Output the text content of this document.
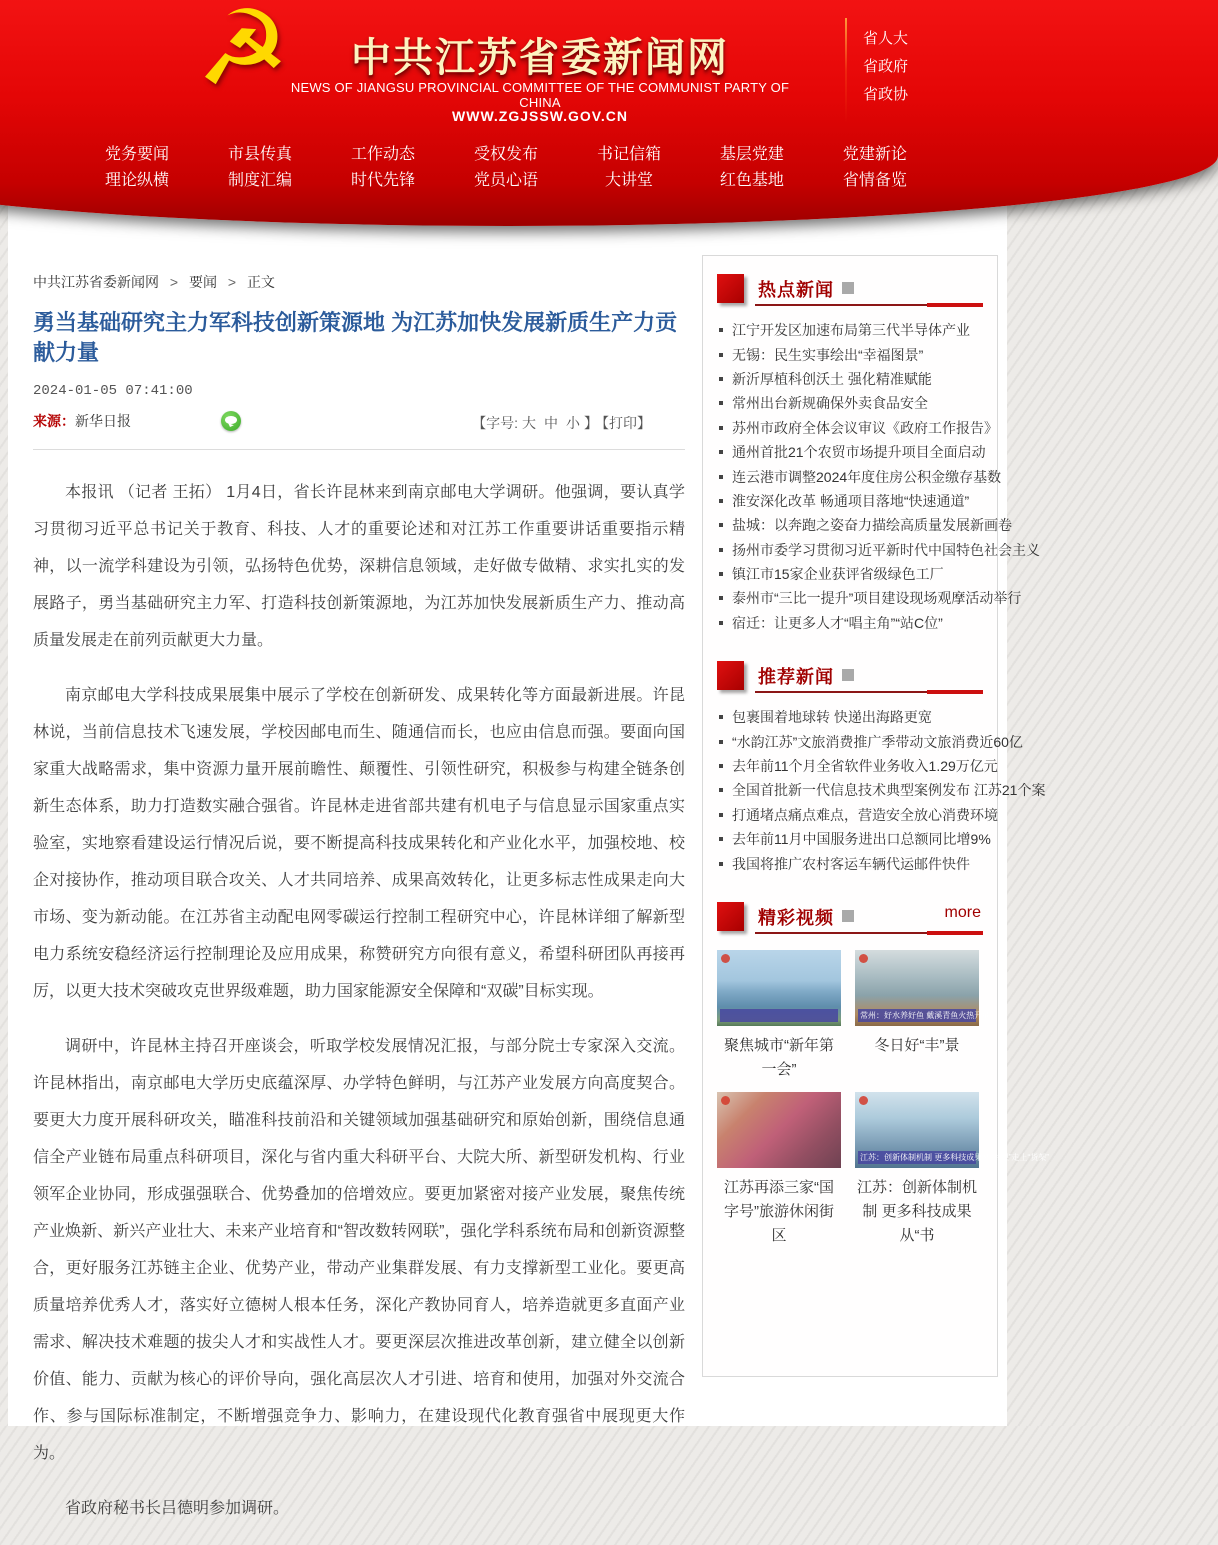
☭	中共江苏省委新闻网
NEWS OF JIANGSU PROVINCIAL COMMITTEE OF THE COMMUNIST PARTY OF CHINA
WWW.ZGJSSW.GOV.CN
省人大
省政府
省政协
党务要闻
理论纵横
市县传真
制度汇编
工作动态
时代先锋
受权发布
党员心语
书记信箱
大讲堂
基层党建
红色基地
党建新论
省情备览
中共江苏省委新闻网 > 要闻 > 正文
勇当基础研究主力军科技创新策源地 为江苏加快发展新质生产力贡献力量
2024-01-05 07:41:00
来源：新华日报	【字号: 大 中 小 】 【打印】

本报讯 （记者 王拓） 1月4日，省长许昆林来到南京邮电大学调研。他强调，要认真学习贯彻习近平总书记关于教育、科技、人才的重要论述和对江苏工作重要讲话重要指示精神，以一流学科建设为引领，弘扬特色优势，深耕信息领域，走好做专做精、求实扎实的发展路子，勇当基础研究主力军、打造科技创新策源地，为江苏加快发展新质生产力、推动高质量发展走在前列贡献更大力量。

南京邮电大学科技成果展集中展示了学校在创新研发、成果转化等方面最新进展。许昆林说，当前信息技术飞速发展，学校因邮电而生、随通信而长，也应由信息而强。要面向国家重大战略需求，集中资源力量开展前瞻性、颠覆性、引领性研究，积极参与构建全链条创新生态体系，助力打造数实融合强省。许昆林走进省部共建有机电子与信息显示国家重点实验室，实地察看建设运行情况后说，要不断提高科技成果转化和产业化水平，加强校地、校企对接协作，推动项目联合攻关、人才共同培养、成果高效转化，让更多标志性成果走向大市场、变为新动能。在江苏省主动配电网零碳运行控制工程研究中心，许昆林详细了解新型电力系统安稳经济运行控制理论及应用成果，称赞研究方向很有意义，希望科研团队再接再厉，以更大技术突破攻克世界级难题，助力国家能源安全保障和“双碳”目标实现。

调研中，许昆林主持召开座谈会，听取学校发展情况汇报，与部分院士专家深入交流。许昆林指出，南京邮电大学历史底蕴深厚、办学特色鲜明，与江苏产业发展方向高度契合。要更大力度开展科研攻关，瞄准科技前沿和关键领域加强基础研究和原始创新，围绕信息通信全产业链布局重点科研项目，深化与省内重大科研平台、大院大所、新型研发机构、行业领军企业协同，形成强强联合、优势叠加的倍增效应。要更加紧密对接产业发展，聚焦传统产业焕新、新兴产业壮大、未来产业培育和“智改数转网联”，强化学科系统布局和创新资源整合，更好服务江苏链主企业、优势产业，带动产业集群发展、有力支撑新型工业化。要更高质量培养优秀人才，落实好立德树人根本任务，深化产教协同育人，培养造就更多直面产业需求、解决技术难题的拔尖人才和实战性人才。要更深层次推进改革创新，建立健全以创新价值、能力、贡献为核心的评价导向，强化高层次人才引进、培育和使用，加强对外交流合作、参与国际标准制定，不断增强竞争力、影响力，在建设现代化教育强省中展现更大作为。

省政府秘书长吕德明参加调研。

热点新闻
江宁开发区加速布局第三代半导体产业
无锡：民生实事绘出“幸福图景”
新沂厚植科创沃土 强化精准赋能
常州出台新规确保外卖食品安全
苏州市政府全体会议审议《政府工作报告》
通州首批21个农贸市场提升项目全面启动
连云港市调整2024年度住房公积金缴存基数
淮安深化改革 畅通项目落地“快速通道”
盐城：以奔跑之姿奋力描绘高质量发展新画卷
扬州市委学习贯彻习近平新时代中国特色社会主义
镇江市15家企业获评省级绿色工厂
泰州市“三比一提升”项目建设现场观摩活动举行
宿迁：让更多人才“唱主角”“站C位”
推荐新闻
包裹围着地球转 快递出海路更宽
“水韵江苏”文旅消费推广季带动文旅消费近60亿
去年前11个月全省软件业务收入1.29万亿元
全国首批新一代信息技术典型案例发布 江苏21个案
打通堵点痛点难点，营造安全放心消费环境
去年前11月中国服务进出口总额同比增9%
我国将推广农村客运车辆代运邮件快件
精彩视频	more
聚焦城市“新年第一会”
常州：好水养好鱼 戴溪青鱼火热开捕
冬日好“丰”景
江苏再添三家“国字号”旅游休闲街区
江苏：创新体制机制 更多科技成果从“书架”走上“货架”
江苏：创新体制机制 更多科技成果从“书
